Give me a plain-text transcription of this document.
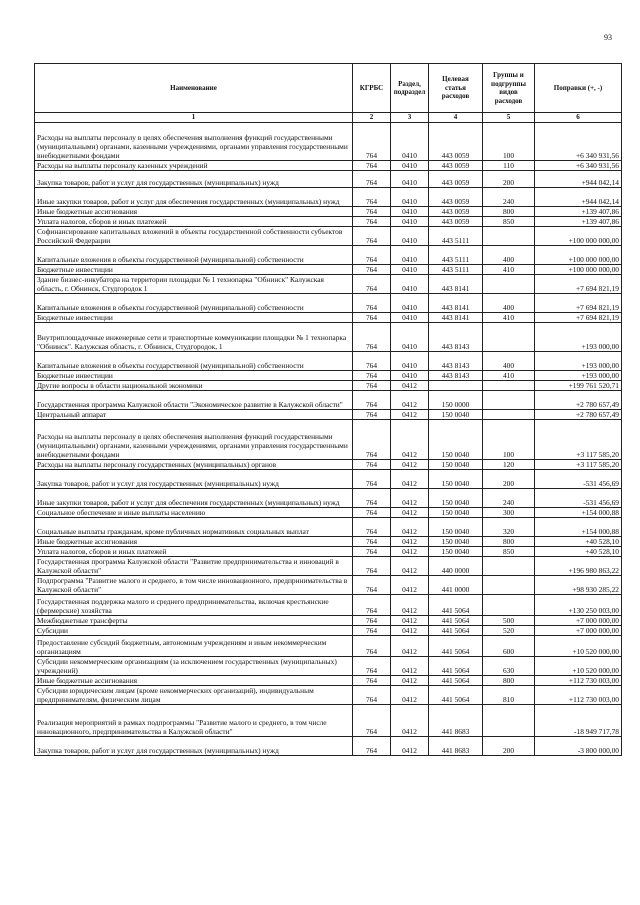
93
Наименование	КГРБС	Раздел, подраздел	Целевая статья расходов	Группы и подгруппы видов расходов	Поправки (+, -)
1	2	3	4	5	6
Расходы на выплаты персоналу в целях обеспечения выполнения функций государственными (муниципальными) органами, казенными учреждениями, органами управления государственными внебюджетными фондами	764	0410	443 0059	100	+6 340 931,56
Расходы на выплаты персоналу казенных учреждений	764	0410	443 0059	110	+6 340 931,56
Закупка товаров, работ и услуг для государственных (муниципальных) нужд	764	0410	443 0059	200	+944 042,14
Иные закупки товаров, работ и услуг для обеспечения государственных (муниципальных) нужд	764	0410	443 0059	240	+944 042,14
Иные бюджетные ассигнования	764	0410	443 0059	800	+139 407,86
Уплата налогов, сборов и иных платежей	764	0410	443 0059	850	+139 407,86
Софинансирование капитальных вложений в объекты государственной собственности субъектов Российской Федерации	764	0410	443 5111		+100 000 000,00
Капитальные вложения в объекты государственной (муниципальной) собственности	764	0410	443 5111	400	+100 000 000,00
Бюджетные инвестиции	764	0410	443 5111	410	+100 000 000,00
Здание бизнес-инкубатора на территории площадки № 1 технопарка "Обнинск" Калужская область, г. Обнинск, Студгородок 1	764	0410	443 8141		+7 694 821,19
Капитальные вложения в объекты государственной (муниципальной) собственности	764	0410	443 8141	400	+7 694 821,19
Бюджетные инвестиции	764	0410	443 8141	410	+7 694 821,19
Внутриплощадочные инженерные сети и транспортные коммуникации площадки № 1 технопарка "Обнинск". Калужская область, г. Обнинск, Студгородок, 1	764	0410	443 8143		+193 000,00
Капитальные вложения в объекты государственной (муниципальной) собственности	764	0410	443 8143	400	+193 000,00
Бюджетные инвестиции	764	0410	443 8143	410	+193 000,00
Другие вопросы в области национальной экономики	764	0412			+199 761 520,71
Государственная программа Калужской области "Экономическое развитие в Калужской области"	764	0412	150 0000		+2 780 657,49
Центральный аппарат	764	0412	150 0040		+2 780 657,49
Расходы на выплаты персоналу в целях обеспечения выполнения функций государственными (муниципальными) органами, казенными учреждениями, органами управления государственными внебюджетными фондами	764	0412	150 0040	100	+3 117 585,20
Расходы на выплаты персоналу государственных (муниципальных) органов	764	0412	150 0040	120	+3 117 585,20
Закупка товаров, работ и услуг для государственных (муниципальных) нужд	764	0412	150 0040	200	-531 456,69
Иные закупки товаров, работ и услуг для обеспечения государственных (муниципальных) нужд	764	0412	150 0040	240	-531 456,69
Социальное обеспечение и иные выплаты населению	764	0412	150 0040	300	+154 000,88
Социальные выплаты гражданам, кроме публичных нормативных социальных выплат	764	0412	150 0040	320	+154 000,88
Иные бюджетные ассигнования	764	0412	150 0040	800	+40 528,10
Уплата налогов, сборов и иных платежей	764	0412	150 0040	850	+40 528,10
Государственная программа Калужской области "Развитие предпринимательства и инноваций в Калужской области"	764	0412	440 0000		+196 980 863,22
Подпрограмма "Развитие малого и среднего, в том числе инновационного, предпринимательства в Калужской области"	764	0412	441 0000		+98 930 285,22
Государственная поддержка малого и среднего предпринимательства, включая крестьянские (фермерские) хозяйства	764	0412	441 5064		+130 250 003,00
Межбюджетные трансферты	764	0412	441 5064	500	+7 000 000,00
Субсидии	764	0412	441 5064	520	+7 000 000,00
Предоставление субсидий бюджетным, автономным учреждениям и иным некоммерческим организациям	764	0412	441 5064	600	+10 520 000,00
Субсидии некоммерческим организациям (за исключением государственных (муниципальных) учреждений)	764	0412	441 5064	630	+10 520 000,00
Иные бюджетные ассигнования	764	0412	441 5064	800	+112 730 003,00
Субсидии юридическим лицам (кроме некоммерческих организаций), индивидуальным предпринимателям, физическим лицам	764	0412	441 5064	810	+112 730 003,00
Реализация мероприятий в рамках подпрограммы "Развитие малого и среднего, в том числе инновационного, предпринимательства в Калужской области"	764	0412	441 8683		-18 949 717,78
Закупка товаров, работ и услуг для государственных (муниципальных) нужд	764	0412	441 8683	200	-3 800 000,00
